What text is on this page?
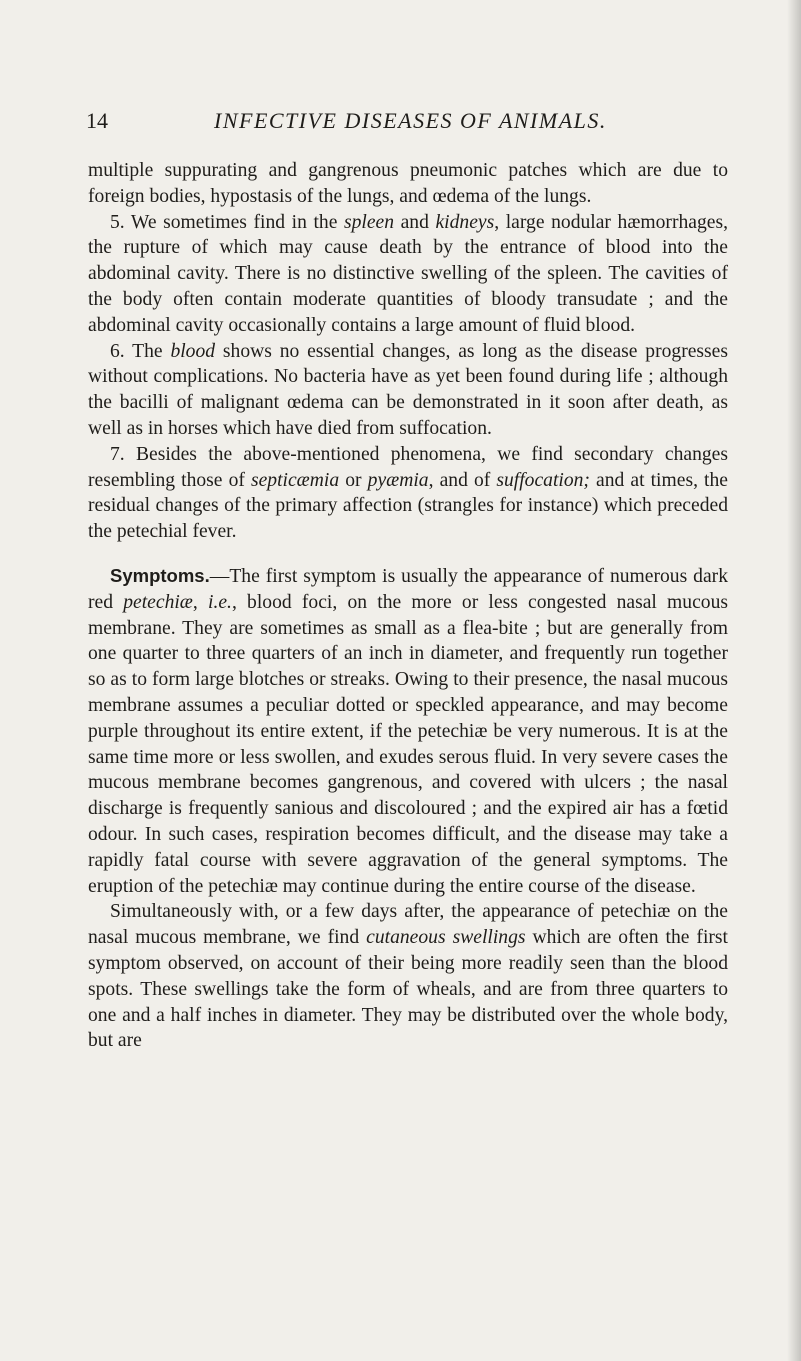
14	INFECTIVE DISEASES OF ANIMALS.

multiple suppurating and gangrenous pneumonic patches which are due to foreign bodies, hypostasis of the lungs, and œdema of the lungs.

5. We sometimes find in the spleen and kidneys, large nodular hæmorrhages, the rupture of which may cause death by the entrance of blood into the abdominal cavity. There is no distinctive swelling of the spleen. The cavities of the body often contain moderate quantities of bloody transudate ; and the abdominal cavity occasionally contains a large amount of fluid blood.

6. The blood shows no essential changes, as long as the disease progresses without complications. No bacteria have as yet been found during life ; although the bacilli of malignant œdema can be demonstrated in it soon after death, as well as in horses which have died from suffocation.

7. Besides the above-mentioned phenomena, we find secondary changes resembling those of septicæmia or pyæmia, and of suffocation; and at times, the residual changes of the primary affection (strangles for instance) which preceded the petechial fever.

Symptoms.—The first symptom is usually the appearance of numerous dark red petechiæ, i.e., blood foci, on the more or less congested nasal mucous membrane. They are sometimes as small as a flea-bite ; but are generally from one quarter to three quarters of an inch in diameter, and frequently run together so as to form large blotches or streaks. Owing to their presence, the nasal mucous membrane assumes a peculiar dotted or speckled appearance, and may become purple throughout its entire extent, if the petechiæ be very numerous. It is at the same time more or less swollen, and exudes serous fluid. In very severe cases the mucous membrane becomes gangrenous, and covered with ulcers ; the nasal discharge is frequently sanious and discoloured ; and the expired air has a fœtid odour. In such cases, respiration becomes difficult, and the disease may take a rapidly fatal course with severe aggravation of the general symptoms. The eruption of the petechiæ may continue during the entire course of the disease.

Simultaneously with, or a few days after, the appearance of petechiæ on the nasal mucous membrane, we find cutaneous swellings which are often the first symptom observed, on account of their being more readily seen than the blood spots. These swellings take the form of wheals, and are from three quarters to one and a half inches in diameter. They may be distributed over the whole body, but are
